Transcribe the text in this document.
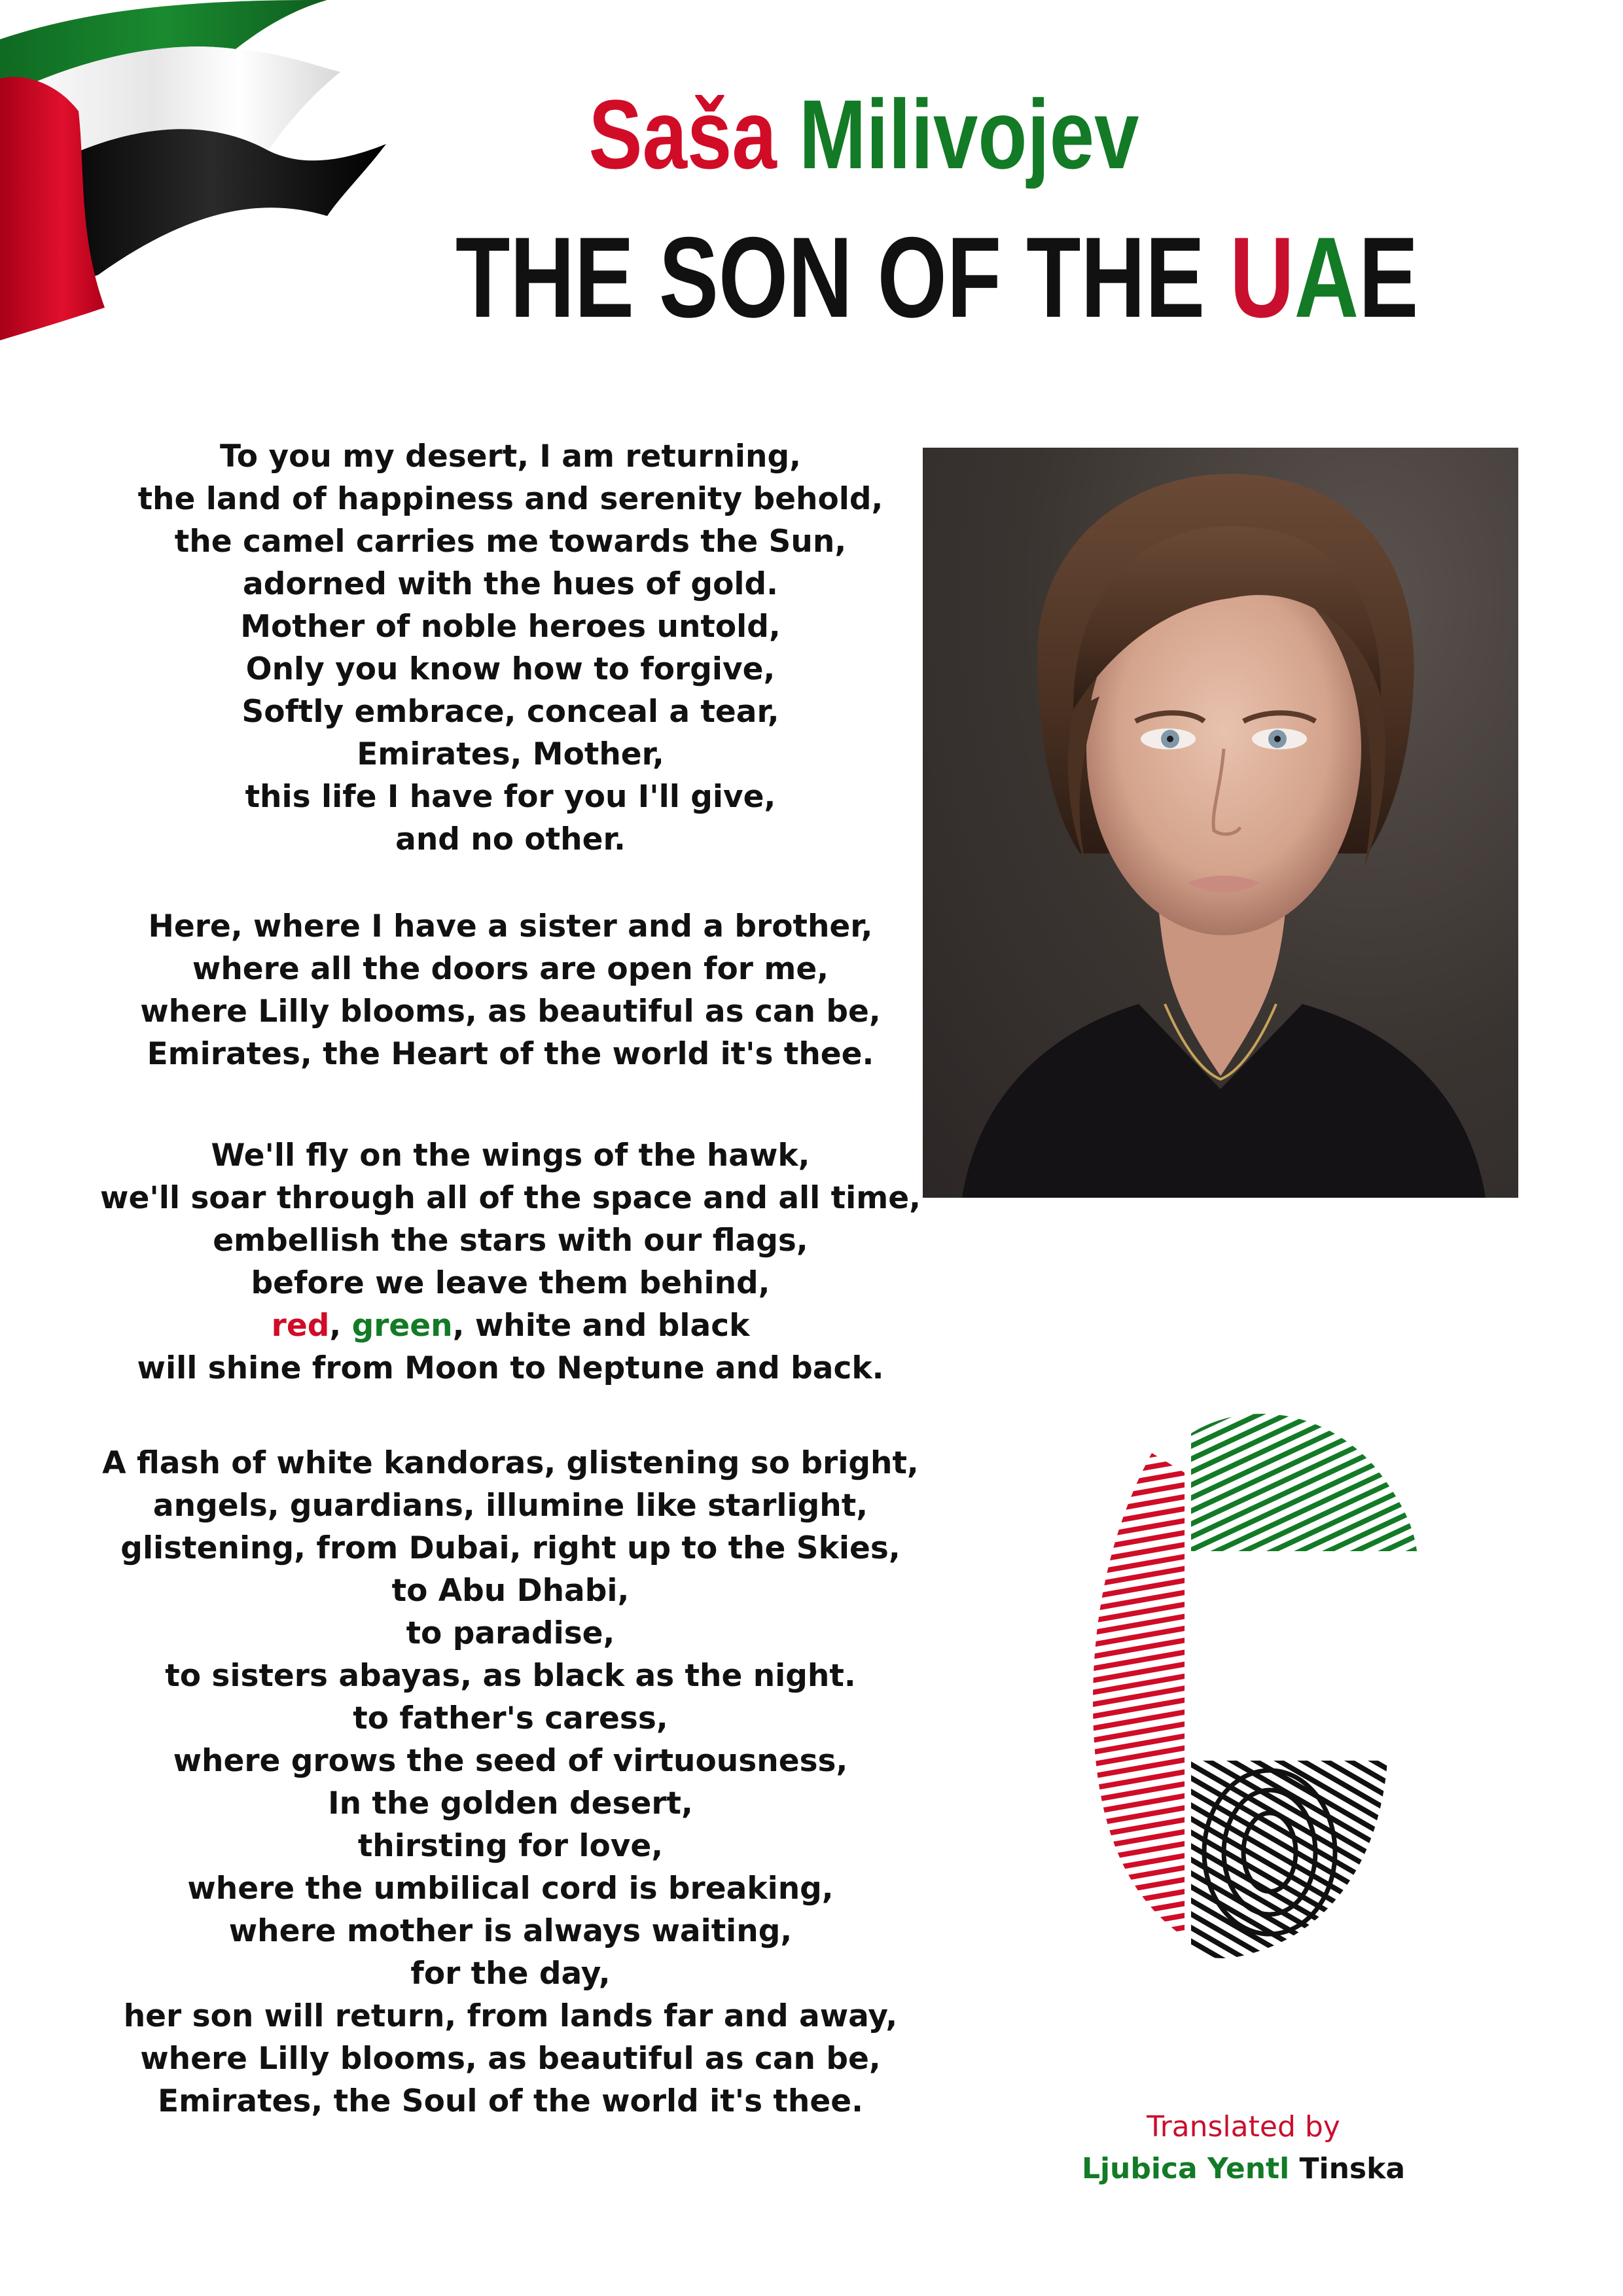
Saša Milivojev
THE SON OF THE UAE
To you my desert, I am returning,
the land of happiness and serenity behold,
the camel carries me towards the Sun,
adorned with the hues of gold.
Mother of noble heroes untold,
Only you know how to forgive,
Softly embrace, conceal a tear,
Emirates, Mother,
this life I have for you I'll give,
and no other.
Here, where I have a sister and a brother,
where all the doors are open for me,
where Lilly blooms, as beautiful as can be,
Emirates, the Heart of the world it's thee.
We'll fly on the wings of the hawk,
we'll soar through all of the space and all time,
embellish the stars with our flags,
before we leave them behind,
red, green, white and black
will shine from Moon to Neptune and back.
A flash of white kandoras, glistening so bright,
angels, guardians, illumine like starlight,
glistening, from Dubai, right up to the Skies,
to Abu Dhabi,
to paradise,
to sisters abayas, as black as the night.
to father's caress,
where grows the seed of virtuousness,
In the golden desert,
thirsting for love,
where the umbilical cord is breaking,
where mother is always waiting,
for the day,
her son will return, from lands far and away,
where Lilly blooms, as beautiful as can be,
Emirates, the Soul of the world it's thee.
Translated by
Ljubica Yentl Tinska
